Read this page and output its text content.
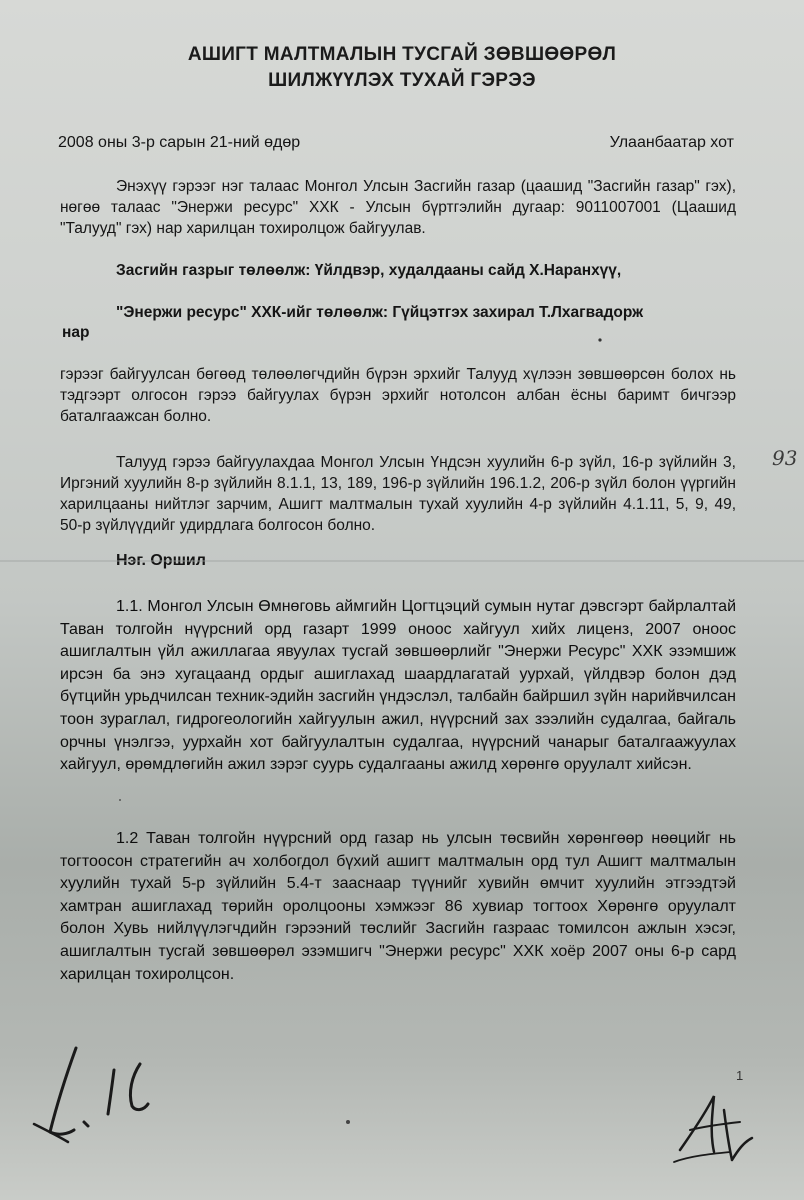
АШИГТ МАЛТМАЛЫН ТУСГАЙ ЗӨВШӨӨРӨЛ
ШИЛЖҮҮЛЭХ ТУХАЙ ГЭРЭЭ
2008 оны 3-р сарын 21-ний өдөр	Улаанбаатар хот
Энэхүү гэрээг нэг талаас Монгол Улсын Засгийн газар (цаашид "Засгийн газар" гэх), нөгөө талаас "Энержи ресурс" ХХК - Улсын бүртгэлийн дугаар: 9011007001 (Цаашид "Талууд" гэх) нар харилцан тохиролцож байгуулав.
Засгийн газрыг төлөөлж: Үйлдвэр, худалдааны сайд Х.Наранхүү,
"Энержи ресурс" ХХК-ийг төлөөлж: Гүйцэтгэх захирал Т.Лхагвадорж
нар
гэрээг байгуулсан бөгөөд төлөөлөгчдийн бүрэн эрхийг Талууд хүлээн зөвшөөрсөн болох нь тэдгээрт олгосон гэрээ байгуулах бүрэн эрхийг нотолсон албан ёсны баримт бичгээр баталгаажсан болно.
Талууд гэрээ байгуулахдаа Монгол Улсын Үндсэн хуулийн 6-р зүйл, 16-р зүйлийн 3, Иргэний хуулийн 8-р зүйлийн 8.1.1, 13, 189, 196-р зүйлийн 196.1.2, 206-р зүйл болон үүргийн харилцааны нийтлэг зарчим, Ашигт малтмалын тухай хуулийн 4-р зүйлийн 4.1.11, 5, 9, 49, 50-р зүйлүүдийг удирдлага болгосон болно.
Нэг. Оршил
1.1. Монгол Улсын Өмнөговь аймгийн Цогтцэций сумын нутаг дэвсгэрт байрлалтай Таван толгойн нүүрсний орд газарт 1999 оноос хайгуул хийх лиценз, 2007 оноос ашиглалтын үйл ажиллагаа явуулах тусгай зөвшөөрлийг "Энержи Ресурс" ХХК эзэмшиж ирсэн ба энэ хугацаанд ордыг ашиглахад шаардлагатай уурхай, үйлдвэр болон дэд бүтцийн урьдчилсан техник-эдийн засгийн үндэслэл, талбайн байршил зүйн нарийвчилсан тоон зураглал, гидрогеологийн хайгуулын ажил, нүүрсний зах зээлийн судалгаа, байгаль орчны үнэлгээ, уурхайн хот байгуулалтын судалгаа, нүүрсний чанарыг баталгаажуулах хайгуул, өрөмдлөгийн ажил зэрэг суурь судалгааны ажилд хөрөнгө оруулалт хийсэн.
1.2 Таван толгойн нүүрсний орд газар нь улсын төсвийн хөрөнгөөр нөөцийг нь тогтоосон стратегийн ач холбогдол бүхий ашигт малтмалын орд тул Ашигт малтмалын хуулийн тухай 5-р зүйлийн 5.4-т зааснаар түүнийг хувийн өмчит хуулийн этгээдтэй хамтран ашиглахад төрийн оролцооны хэмжээг 86 хувиар тогтоох Хөрөнгө оруулалт болон Хувь нийлүүлэгчдийн гэрээний төслийг Засгийн газраас томилсон ажлын хэсэг, ашиглалтын тусгай зөвшөөрөл эзэмшигч "Энержи ресурс" ХХК хоёр 2007 оны 6-р сард харилцан тохиролцсон.
93
1
